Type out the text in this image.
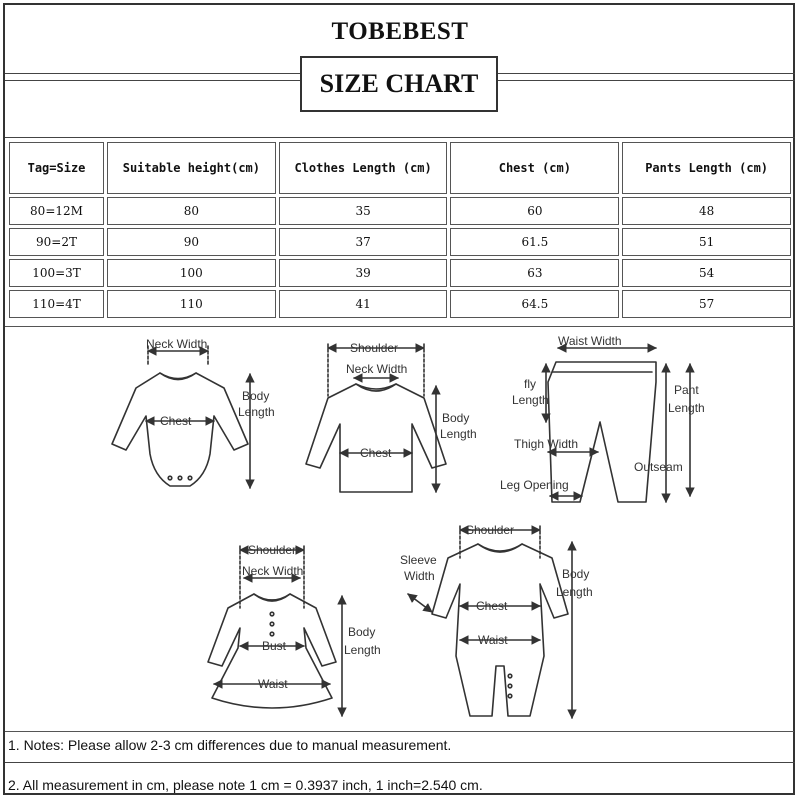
TOBEBEST
SIZE CHART
Tag=Size	Suitable height(cm)	Clothes Length (cm)	Chest (cm)	Pants Length (cm)
80=12M	80	35	60	48
90=2T	90	37	61.5	51
100=3T	100	39	63	54
110=4T	110	41	64.5	57
Neck Width
Body
Length
Chest
Shoulder
Neck Width
Body
Length
Chest
Waist Width
fly
Length
Pant
Length
Thigh Width
Outseam
Leg Opening
Shoulder
Neck Width
Bust
Body
Length
Waist
Shoulder
Sleeve
Width	Body
Length
Chest
Waist
1. Notes: Please allow 2-3 cm differences due to manual measurement.
2. All measurement in cm, please note 1 cm = 0.3937 inch, 1 inch=2.540 cm.
